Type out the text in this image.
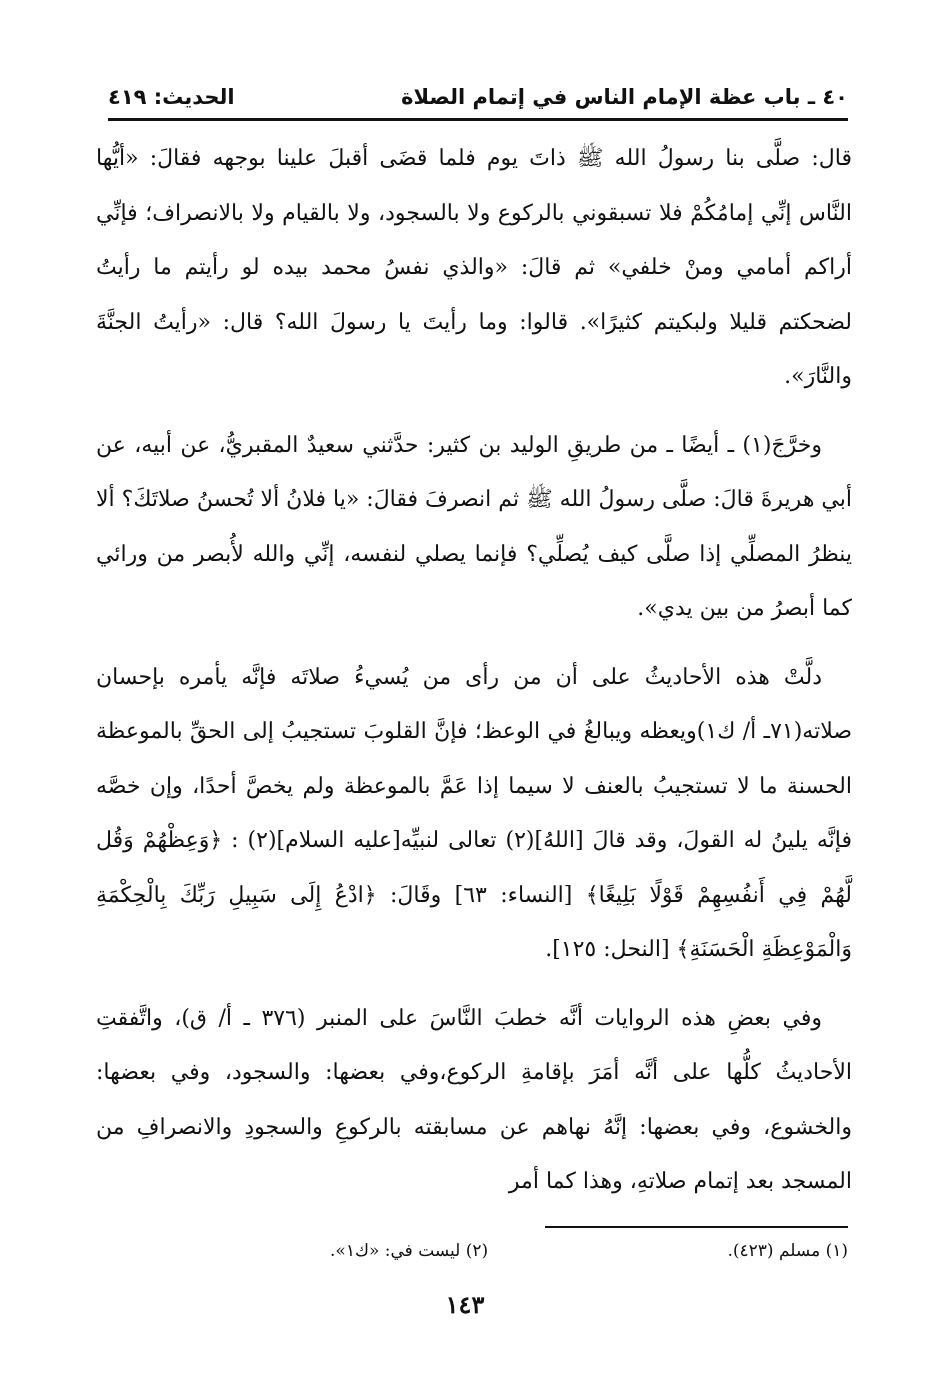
٤٠ ـ باب عظة الإمام الناس في إتمام الصلاة
الحديث: ٤١٩

قال: صلَّى بنا رسولُ الله ﷺ ذاتَ يوم فلما قضَى أقبلَ علينا بوجهه فقالَ: «أيُّها النَّاس إنِّي إمامُكُمْ فلا تسبقوني بالركوع ولا بالسجود، ولا بالقيام ولا بالانصراف؛ فإنِّي أراكم أمامي ومنْ خلفي» ثم قالَ: «والذي نفسُ محمد بيده لو رأيتم ما رأيتُ لضحكتم قليلا ولبكيتم كثيرًا». قالوا: وما رأيتَ يا رسولَ الله؟ قال: «رأيتُ الجنَّةَ والنَّارَ».

وخرَّجَ(١) ـ أيضًا ـ من طريقِ الوليد بن كثير: حدَّثني سعيدٌ المقبريُّ، عن أبيه، عن أبي هريرةَ قالَ: صلَّى رسولُ الله ﷺ ثم انصرفَ فقالَ: «يا فلانُ ألا تُحسنُ صلاتَكَ؟ ألا ينظرُ المصلِّي إذا صلَّى كيف يُصلِّي؟ فإنما يصلي لنفسه، إنِّي والله لأُبصر من ورائي كما أبصرُ من بين يدي».

دلَّتْ هذه الأحاديثُ على أن من رأى من يُسيءُ صلاتَه فإنَّه يأمره بإحسان صلاته(٧١ـ أ/ ك١)ويعظه ويبالغُ في الوعظ؛ فإنَّ القلوبَ تستجيبُ إلى الحقِّ بالموعظة الحسنة ما لا تستجيبُ بالعنف لا سيما إذا عَمَّ بالموعظة ولم يخصَّ أحدًا، وإن خصَّه فإنَّه يلينُ له القولَ، وقد قالَ [اللهُ](٢) تعالى لنبيِّه[عليه السلام](٢) : ﴿وَعِظْهُمْ وَقُل لَّهُمْ فِي أَنفُسِهِمْ قَوْلًا بَلِيغًا﴾ [النساء: ٦٣] وقَالَ: ﴿ادْعُ إِلَى سَبِيلِ رَبِّكَ بِالْحِكْمَةِ وَالْمَوْعِظَةِ الْحَسَنَةِ﴾ [النحل: ١٢٥].

وفي بعضِ هذه الروايات أنَّه خطبَ النَّاسَ على المنبر (٣٧٦ ـ أ/ ق)، واتَّفقتِ الأحاديثُ كلُّها على أنَّه أمَرَ بإقامةِ الركوع،وفي بعضها: والسجود، وفي بعضها: والخشوع، وفي بعضها: إنَّهُ نهاهم عن مسابقته بالركوعِ والسجودِ والانصرافِ من المسجد بعد إتمام صلاتهِ، وهذا كما أمر

(١) مسلم (٤٢٣).
(٢) ليست في: «ك١».
١٤٣
